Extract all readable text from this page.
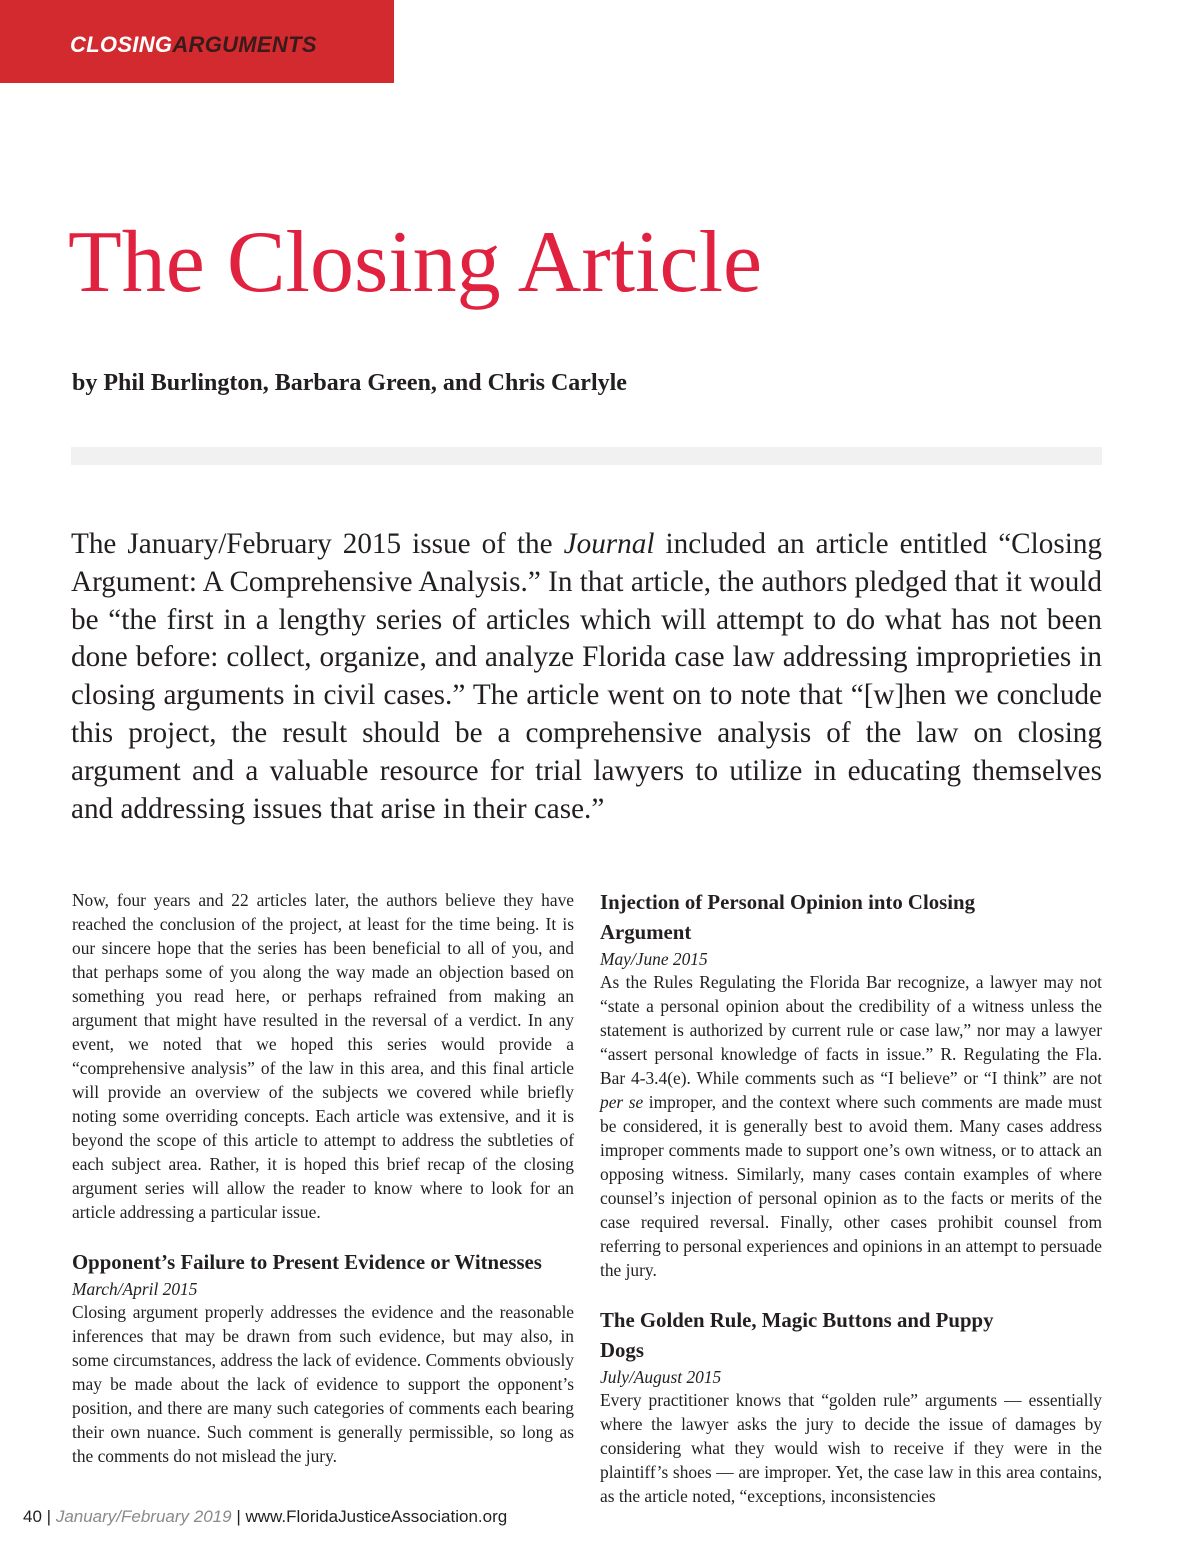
CLOSINGARGUMENTS
The Closing Article
by Phil Burlington, Barbara Green, and Chris Carlyle

The January/February 2015 issue of the Journal included an article entitled “Closing Argument: A Comprehensive Analysis.” In that article, the authors pledged that it would be “the first in a lengthy series of articles which will attempt to do what has not been done before: collect, organize, and analyze Florida case law addressing improprieties in closing arguments in civil cases.” The article went on to note that “[w]hen we conclude this project, the result should be a comprehensive analysis of the law on closing argument and a valuable resource for trial lawyers to utilize in educating themselves and addressing issues that arise in their case.”

Now, four years and 22 articles later, the authors believe they have reached the conclusion of the project, at least for the time being. It is our sincere hope that the series has been beneficial to all of you, and that perhaps some of you along the way made an objection based on something you read here, or perhaps refrained from making an argument that might have resulted in the reversal of a verdict. In any event, we noted that we hoped this series would provide a “comprehensive analysis” of the law in this area, and this final article will provide an overview of the subjects we covered while briefly noting some overriding concepts. Each article was extensive, and it is beyond the scope of this article to attempt to address the subtleties of each subject area. Rather, it is hoped this brief recap of the closing argument series will allow the reader to know where to look for an article addressing a particular issue.

Opponent’s Failure to Present Evidence or Witnesses
March/April 2015

Closing argument properly addresses the evidence and the reasonable inferences that may be drawn from such evidence, but may also, in some circumstances, address the lack of evidence. Comments obviously may be made about the lack of evidence to support the opponent’s position, and there are many such categories of comments each bearing their own nuance. Such comment is generally permissible, so long as the comments do not mislead the jury.

Injection of Personal Opinion into Closing Argument
May/June 2015

As the Rules Regulating the Florida Bar recognize, a lawyer may not “state a personal opinion about the credibility of a witness unless the statement is authorized by current rule or case law,” nor may a lawyer “assert personal knowledge of facts in issue.” R. Regulating the Fla. Bar 4-3.4(e). While comments such as “I believe” or “I think” are not per se improper, and the context where such comments are made must be considered, it is generally best to avoid them. Many cases address improper comments made to support one’s own witness, or to attack an opposing witness. Similarly, many cases contain examples of where counsel’s injection of personal opinion as to the facts or merits of the case required reversal. Finally, other cases prohibit counsel from referring to personal experiences and opinions in an attempt to persuade the jury.

The Golden Rule, Magic Buttons and Puppy Dogs
July/August 2015

Every practitioner knows that “golden rule” arguments — essentially where the lawyer asks the jury to decide the issue of damages by considering what they would wish to receive if they were in the plaintiff’s shoes — are improper. Yet, the case law in this area contains, as the article noted, “exceptions, inconsistencies

40 | January/February 2019 | www.FloridaJusticeAssociation.org
